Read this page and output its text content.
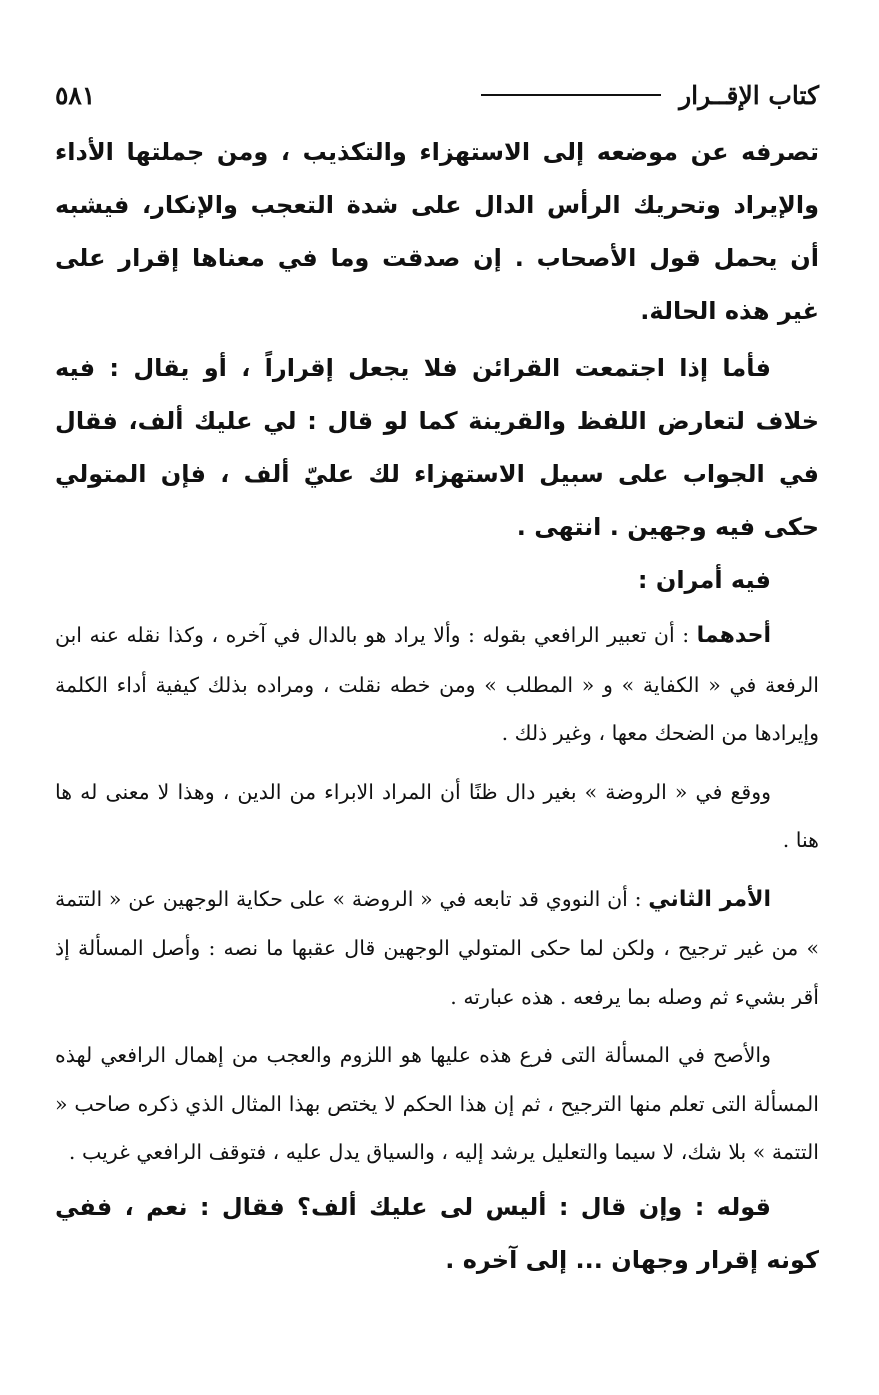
كتاب الإقــرار
٥٨١

تصرفه عن موضعه إلى الاستهزاء والتكذيب ، ومن جملتها الأداء والإيراد وتحريك الرأس الدال على شدة التعجب والإنكار، فيشبه أن يحمل قول الأصحاب . إن صدقت وما في معناها إقرار على غير هذه الحالة.

فأما إذا اجتمعت القرائن فلا يجعل إقراراً ، أو يقال : فيه خلاف لتعارض اللفظ والقرينة كما لو قال : لي عليك ألف، فقال في الجواب على سبيل الاستهزاء لك عليّ ألف ، فإن المتولي حكى فيه وجهين . انتهى .

فيه أمران :

أحدهما : أن تعبير الرافعي بقوله : وألا يراد هو بالدال في آخره ، وكذا نقله عنه ابن الرفعة في « الكفاية » و « المطلب » ومن خطه نقلت ، ومراده بذلك كيفية أداء الكلمة وإيرادها من الضحك معها ، وغير ذلك .

ووقع في « الروضة » بغير دال ظنًا أن المراد الابراء من الدين ، وهذا لا معنى له ها هنا .

الأمر الثاني : أن النووي قد تابعه في « الروضة » على حكاية الوجهين عن « التتمة » من غير ترجيح ، ولكن لما حكى المتولي الوجهين قال عقبها ما نصه : وأصل المسألة إذ أقر بشيء ثم وصله بما يرفعه . هذه عبارته .

والأصح في المسألة التى فرع هذه عليها هو اللزوم والعجب من إهمال الرافعي لهذه المسألة التى تعلم منها الترجيح ، ثم إن هذا الحكم لا يختص بهذا المثال الذي ذكره صاحب « التتمة » بلا شك، لا سيما والتعليل يرشد إليه ، والسياق يدل عليه ، فتوقف الرافعي غريب .

قوله : وإن قال : أليس لى عليك ألف؟ فقال : نعم ، ففي كونه إقرار وجهان ... إلى آخره .
